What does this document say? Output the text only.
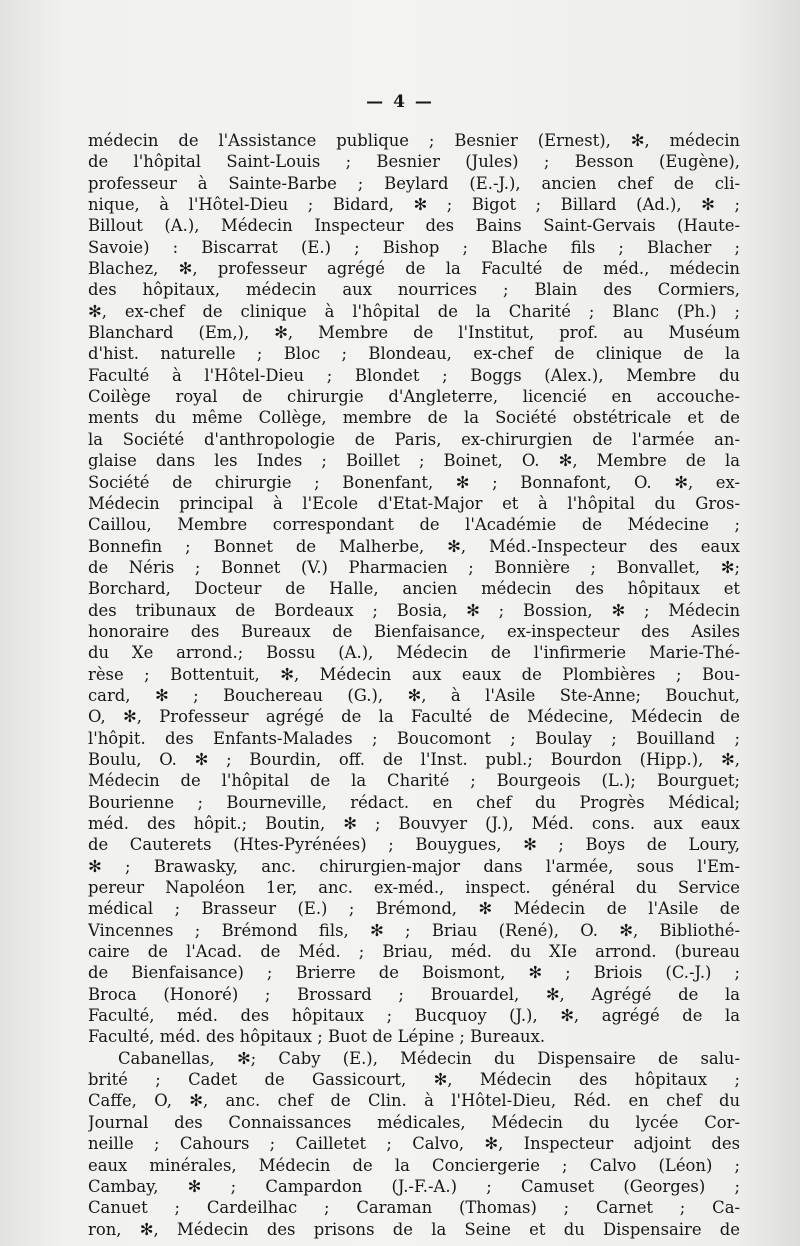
— 4 —
médecin de l'Assistance publique ; Besnier (Ernest), ✻, médecin
de l'hôpital Saint-Louis ; Besnier (Jules) ; Besson (Eugène),
professeur à Sainte-Barbe ; Beylard (E.-J.), ancien chef de cli-
nique, à l'Hôtel-Dieu ; Bidard, ✻ ; Bigot ; Billard (Ad.), ✻ ;
Billout (A.), Médecin Inspecteur des Bains Saint-Gervais (Haute-
Savoie) : Biscarrat (E.) ; Bishop ; Blache fils ; Blacher ;
Blachez, ✻, professeur agrégé de la Faculté de méd., médecin
des hôpitaux, médecin aux nourrices ; Blain des Cormiers,
✻, ex-chef de clinique à l'hôpital de la Charité ; Blanc (Ph.) ;
Blanchard (Em,), ✻, Membre de l'Institut, prof. au Muséum
d'hist. naturelle ; Bloc ; Blondeau, ex-chef de clinique de la
Faculté à l'Hôtel-Dieu ; Blondet ; Boggs (Alex.), Membre du
Coilège royal de chirurgie d'Angleterre, licencié en accouche-
ments du même Collège, membre de la Société obstétricale et de
la Société d'anthropologie de Paris, ex-chirurgien de l'armée an-
glaise dans les Indes ; Boillet ; Boinet, O. ✻, Membre de la
Société de chirurgie ; Bonenfant, ✻ ; Bonnafont, O. ✻, ex-
Médecin principal à l'Ecole d'Etat-Major et à l'hôpital du Gros-
Caillou, Membre correspondant de l'Académie de Médecine ;
Bonnefin ; Bonnet de Malherbe, ✻, Méd.-Inspecteur des eaux
de Néris ; Bonnet (V.) Pharmacien ; Bonnière ; Bonvallet, ✻;
Borchard, Docteur de Halle, ancien médecin des hôpitaux et
des tribunaux de Bordeaux ; Bosia, ✻ ; Bossion, ✻ ; Médecin
honoraire des Bureaux de Bienfaisance, ex-inspecteur des Asiles
du Xe arrond.; Bossu (A.), Médecin de l'infirmerie Marie-Thé-
rèse ; Bottentuit, ✻, Médecin aux eaux de Plombières ; Bou-
card, ✻ ; Bouchereau (G.), ✻, à l'Asile Ste-Anne; Bouchut,
O, ✻, Professeur agrégé de la Faculté de Médecine, Médecin de
l'hôpit. des Enfants-Malades ; Boucomont ; Boulay ; Bouilland ;
Boulu, O. ✻ ; Bourdin, off. de l'Inst. publ.; Bourdon (Hipp.), ✻,
Médecin de l'hôpital de la Charité ; Bourgeois (L.); Bourguet;
Bourienne ; Bourneville, rédact. en chef du Progrès Médical;
méd. des hôpit.; Boutin, ✻ ; Bouvyer (J.), Méd. cons. aux eaux
de Cauterets (Htes-Pyrénées) ; Bouygues, ✻ ; Boys de Loury,
✻ ; Brawasky, anc. chirurgien-major dans l'armée, sous l'Em-
pereur Napoléon 1er, anc. ex-méd., inspect. général du Service
médical ; Brasseur (E.) ; Brémond, ✻ Médecin de l'Asile de
Vincennes ; Brémond fils, ✻ ; Briau (René), O. ✻, Bibliothé-
caire de l'Acad. de Méd. ; Briau, méd. du XIe arrond. (bureau
de Bienfaisance) ; Brierre de Boismont, ✻ ; Briois (C.-J.) ;
Broca (Honoré) ; Brossard ; Brouardel, ✻, Agrégé de la
Faculté, méd. des hôpitaux ; Bucquoy (J.), ✻, agrégé de la
Faculté, méd. des hôpitaux ; Buot de Lépine ; Bureaux.
Cabanellas, ✻; Caby (E.), Médecin du Dispensaire de salu-
brité ; Cadet de Gassicourt, ✻, Médecin des hôpitaux ;
Caffe, O, ✻, anc. chef de Clin. à l'Hôtel-Dieu, Réd. en chef du
Journal des Connaissances médicales, Médecin du lycée Cor-
neille ; Cahours ; Cailletet ; Calvo, ✻, Inspecteur adjoint des
eaux minérales, Médecin de la Conciergerie ; Calvo (Léon) ;
Cambay, ✻ ; Campardon (J.-F.-A.) ; Camuset (Georges) ;
Canuet ; Cardeilhac ; Caraman (Thomas) ; Carnet ; Ca-
ron, ✻, Médecin des prisons de la Seine et du Dispensaire de
